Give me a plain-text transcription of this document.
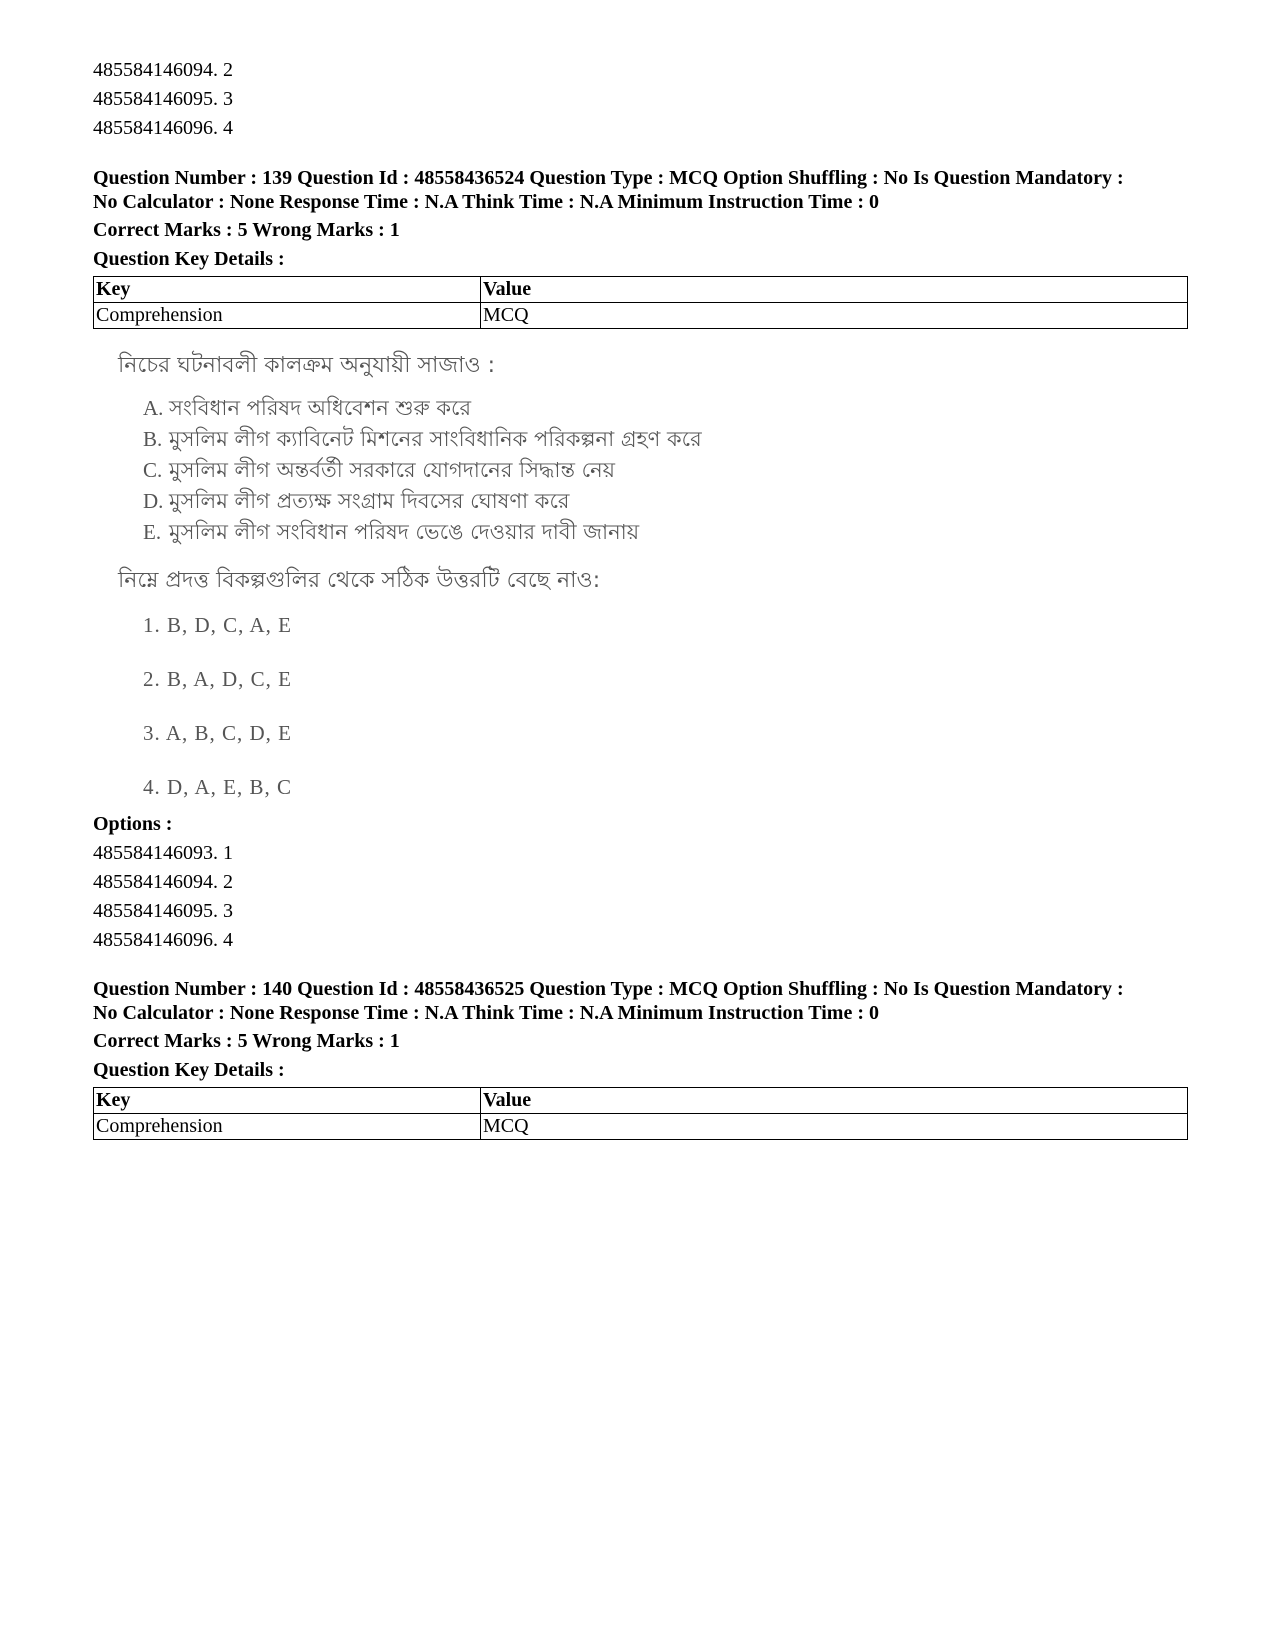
485584146094. 2
485584146095. 3
485584146096. 4
Question Number : 139 Question Id : 48558436524 Question Type : MCQ Option Shuffling : No Is Question Mandatory :
No Calculator : None Response Time : N.A Think Time : N.A Minimum Instruction Time : 0
Correct Marks : 5 Wrong Marks : 1
Question Key Details :
Key	Value
Comprehension	MCQ
নিচের ঘটনাবলী কালক্রম অনুযায়ী সাজাও :
A. সংবিধান পরিষদ অধিবেশন শুরু করে
B. মুসলিম লীগ ক্যাবিনেট মিশনের সাংবিধানিক পরিকল্পনা গ্রহণ করে
C. মুসলিম লীগ অন্তর্বর্তী সরকারে যোগদানের সিদ্ধান্ত নেয়
D. মুসলিম লীগ প্রত্যক্ষ সংগ্রাম দিবসের ঘোষণা করে
E. মুসলিম লীগ সংবিধান পরিষদ ভেঙে দেওয়ার দাবী জানায়
নিম্নে প্রদত্ত বিকল্পগুলির থেকে সঠিক উত্তরটি বেছে নাও:
1. B, D, C, A, E
2. B, A, D, C, E
3. A, B, C, D, E
4. D, A, E, B, C
Options :
485584146093. 1
485584146094. 2
485584146095. 3
485584146096. 4
Question Number : 140 Question Id : 48558436525 Question Type : MCQ Option Shuffling : No Is Question Mandatory :
No Calculator : None Response Time : N.A Think Time : N.A Minimum Instruction Time : 0
Correct Marks : 5 Wrong Marks : 1
Question Key Details :
Key	Value
Comprehension	MCQ
